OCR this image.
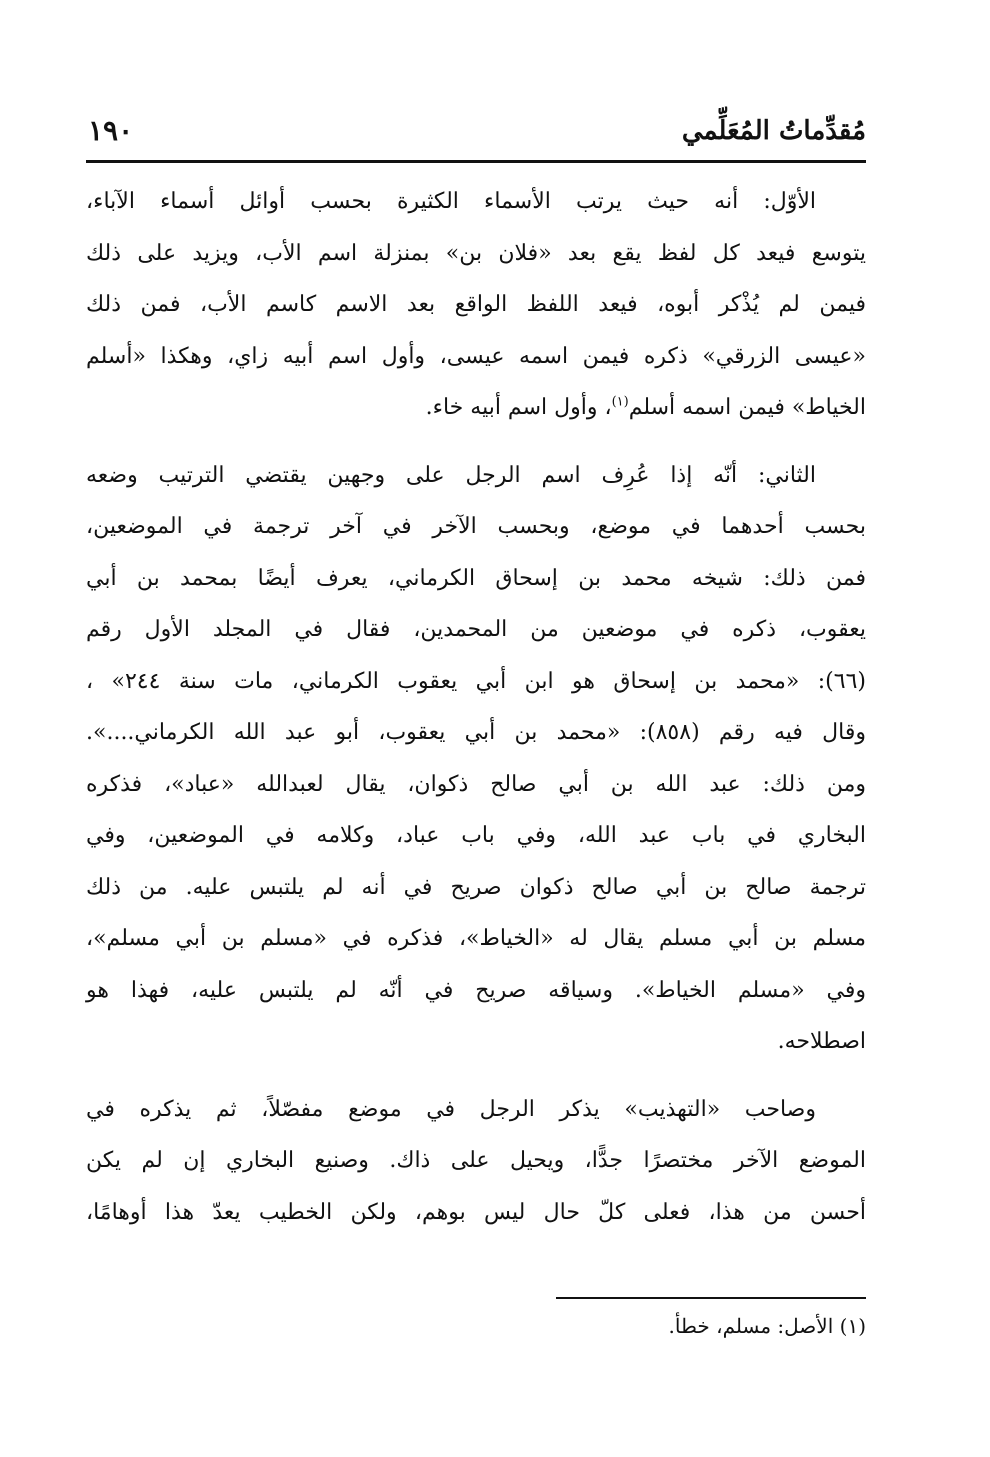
مُقدِّماتُ المُعَلِّمي
١٩٠
الأوّل: أنه حيث يرتب الأسماء الكثيرة بحسب أوائل أسماء الآباء،
يتوسع فيعد كل لفظ يقع بعد «فلان بن» بمنزلة اسم الأب، ويزيد على ذلك
فيمن لم يُذْكر أبوه، فيعد اللفظ الواقع بعد الاسم كاسم الأب، فمن ذلك
«عيسى الزرقي» ذكره فيمن اسمه عيسى، وأول اسم أبيه زاي، وهكذا «أسلم
الخياط» فيمن اسمه أسلم$^{(١)}$، وأول اسم أبيه خاء.
الثاني: أنّه إذا عُرِف اسم الرجل على وجهين يقتضي الترتيب وضعه
بحسب أحدهما في موضع، وبحسب الآخر في آخر ترجمة في الموضعين،
فمن ذلك: شيخه محمد بن إسحاق الكرماني، يعرف أيضًا بمحمد بن أبي
يعقوب، ذكره في موضعين من المحمدين، فقال في المجلد الأول رقم
(٦٦): «محمد بن إسحاق هو ابن أبي يعقوب الكرماني، مات سنة ٢٤٤» ،
وقال فيه رقم (٨٥٨): «محمد بن أبي يعقوب، أبو عبد الله الكرماني....».
ومن ذلك: عبد الله بن أبي صالح ذكوان، يقال لعبدالله «عباد»، فذكره
البخاري في باب عبد الله، وفي باب عباد، وكلامه في الموضعين، وفي
ترجمة صالح بن أبي صالح ذكوان صريح في أنه لم يلتبس عليه. من ذلك
مسلم بن أبي مسلم يقال له «الخياط»، فذكره في «مسلم بن أبي مسلم»،
وفي «مسلم الخياط». وسياقه صريح في أنّه لم يلتبس عليه، فهذا هو
اصطلاحه.
وصاحب «التهذيب» يذكر الرجل في موضع مفصّلاً، ثم يذكره في
الموضع الآخر مختصرًا جدًّا، ويحيل على ذاك. وصنيع البخاري إن لم يكن
أحسن من هذا، فعلى كلّ حال ليس بوهم، ولكن الخطيب يعدّ هذا أوهامًا،
(١) الأصل: مسلم، خطأ.
